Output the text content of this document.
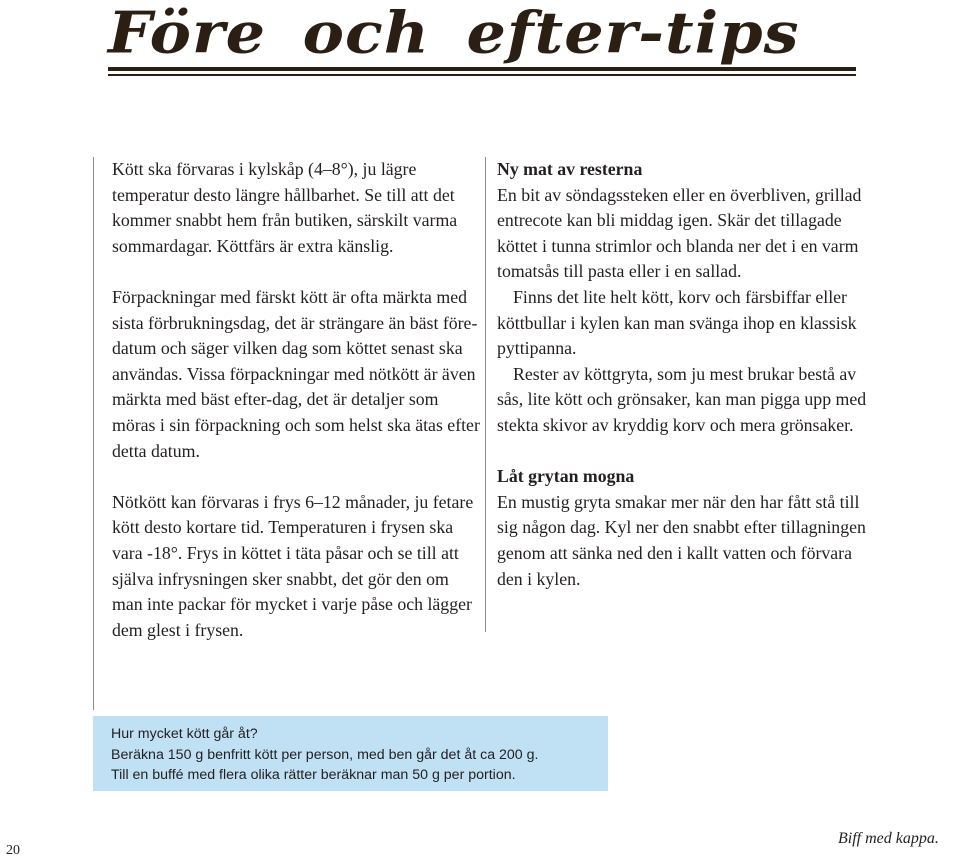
Före och efter-tips

Kött ska förvaras i kylskåp (4–8°), ju lägre temperatur desto längre hållbarhet. Se till att det kommer snabbt hem från butiken, särskilt varma sommardagar. Köttfärs är extra känslig.

Förpackningar med färskt kött är ofta märkta med sista förbrukningsdag, det är strängare än bäst före-datum och säger vilken dag som köttet senast ska användas. Vissa förpackningar med nötkött är även märkta med bäst efter-dag, det är detaljer som möras i sin förpackning och som helst ska ätas efter detta datum.

Nötkött kan förvaras i frys 6–12 månader, ju fetare kött desto kortare tid. Temperaturen i frysen ska vara -18°. Frys in köttet i täta påsar och se till att själva infrysningen sker snabbt, det gör den om man inte packar för mycket i varje påse och lägger dem glest i frysen.

Ny mat av resterna

En bit av söndagssteken eller en överbliven, grillad entrecote kan bli middag igen. Skär det tillagade köttet i tunna strimlor och blanda ner det i en varm tomatsås till pasta eller i en sallad.

Finns det lite helt kött, korv och färsbiffar eller köttbullar i kylen kan man svänga ihop en klassisk pyttipanna.

Rester av köttgryta, som ju mest brukar bestå av sås, lite kött och grönsaker, kan man pigga upp med stekta skivor av kryddig korv och mera grönsaker.

Låt grytan mogna

En mustig gryta smakar mer när den har fått stå till sig någon dag. Kyl ner den snabbt efter tillagningen genom att sänka ned den i kallt vatten och förvara den i kylen.

Hur mycket kött går åt?
Beräkna 150 g benfritt kött per person, med ben går det åt ca 200 g.
Till en buffé med flera olika rätter beräknar man 50 g per portion.
20
Biff med kappa.
